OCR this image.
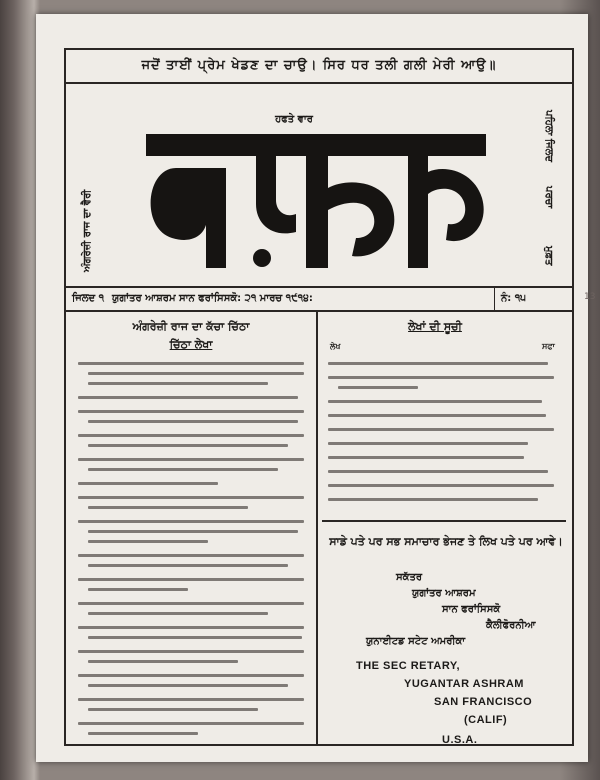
ਜਦੋਂ ਤਾਈਂ ਪ੍ਰੇਮ ਖੇਡਣ ਦਾ ਚਾਉ। ਸਿਰ ਧਰ ਤਲੀ ਗਲੀ ਮੇਰੀ ਆਉ॥
ਅੰਗਰੇਜ਼ੀ ਰਾਜ ਦਾ ਵੈਰੀ
ਪਹਿਲਾ ਜਿਲਦ
ਪਰਚਾ
ਮੁਫ਼ਤ
ਹਫਤੇ ਵਾਰ
ਜਿਲਦ ੧ ਯੁਗਾਂਤਰ ਆਸ਼ਰਮ ਸਾਨ ਫਰਾਂਸਿਸਕੋ: ੨੧ ਮਾਰਚ ੧੯੧੪:	ਨੰ: ੧੫
ਅੰਗਰੇਜ਼ੀ ਰਾਜ ਦਾ ਕੱਚਾ ਚਿੱਠਾ
ਚਿੱਠਾ ਲੇਖਾ
ਲੇਖਾਂ ਦੀ ਸੂਚੀ
ਲੇਖ	ਸਫਾ
ਸਾਡੇ ਪਤੇ ਪਰ ਸਭ ਸਮਾਚਾਰ ਭੇਜਣ ਤੇ ਲਿਖ ਪਤੇ ਪਰ ਆਵੇ।
ਸਕੱਤਰ
ਯੁਗਾਂਤਰ ਆਸ਼ਰਮ
ਸਾਨ ਫਰਾਂਸਿਸਕੋ
ਕੈਲੀਫੋਰਨੀਆ
ਯੁਨਾਈਟਡ ਸਟੇਟ ਅਮਰੀਕਾ
THE SEC RETARY,
YUGANTAR ASHRAM
SAN FRANCISCO
(CALIF)
U.S.A.
13
